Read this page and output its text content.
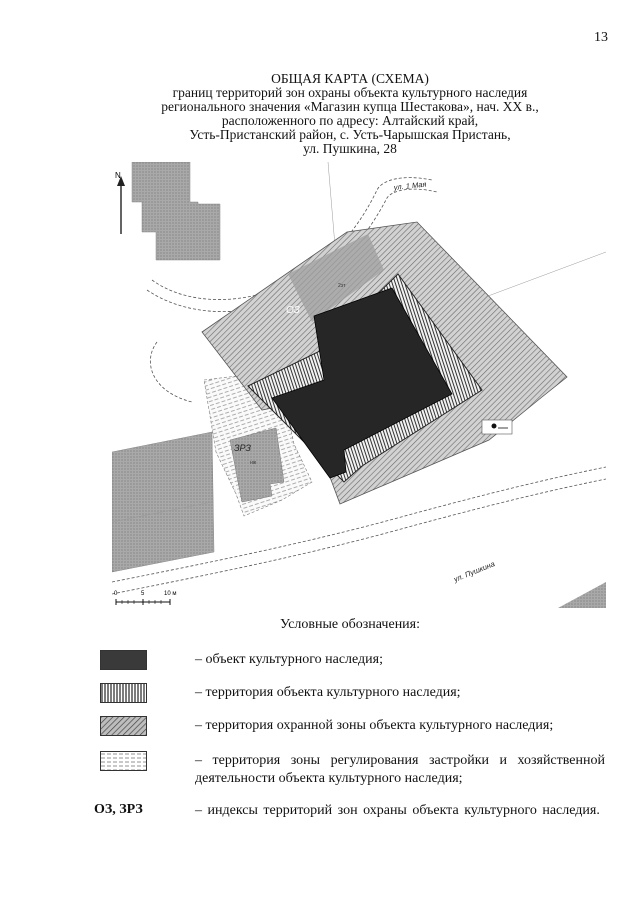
13
ОБЩАЯ КАРТА (СХЕМА)
границ территорий зон охраны объекта культурного наследия
регионального значения «Магазин купца Шестакова», нач. XX в.,
расположенного по адресу: Алтайский край,
Усть-Пристанский район, с. Усть-Чарышская Пристань,
ул. Пушкина, 28
N
ОЗ
ЗРЗ
2эт
нж
ул. 1 Мая
ул. Пушкина
0	5	10 м
Условные обозначения:
– объект культурного наследия;
– территория объекта культурного наследия;
– территория охранной зоны объекта культурного наследия;
– территория зоны регулирования застройки и хозяйственной деятельности объекта культурного наследия;
ОЗ, ЗРЗ	– индексы территорий зон охраны объекта культурного наследия.
